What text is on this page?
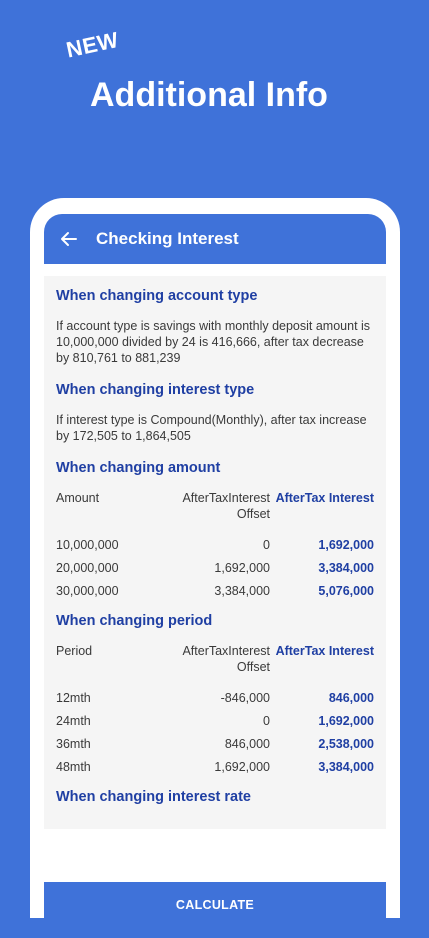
NEW
Additional Info
Checking Interest
When changing account type
If account type is savings with monthly deposit amount is 10,000,000 divided by 24 is 416,666, after tax decrease by 810,761 to 881,239
When changing interest type
If interest type is Compound(Monthly), after tax increase by 172,505 to 1,864,505
When changing amount
Amount	AfterTaxInterest Offset	AfterTax Interest
10,000,000	0	1,692,000
20,000,000	1,692,000	3,384,000
30,000,000	3,384,000	5,076,000
When changing period
Period	AfterTaxInterest Offset	AfterTax Interest
12mth	-846,000	846,000
24mth	0	1,692,000
36mth	846,000	2,538,000
48mth	1,692,000	3,384,000
When changing interest rate
CALCULATE
